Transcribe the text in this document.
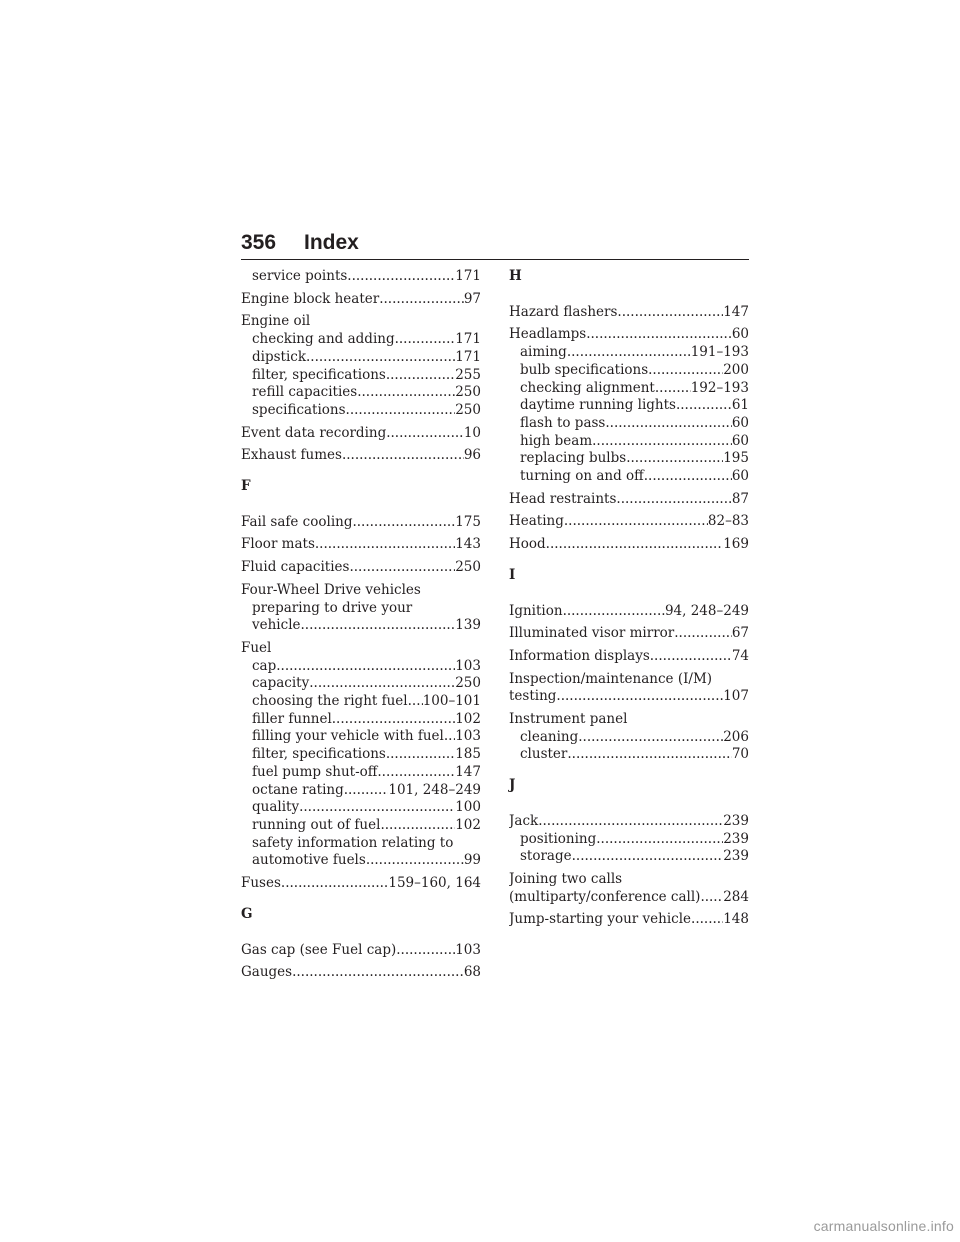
356 Index
service points .....	171
Engine block heater .....	97
Engine oil
checking and adding .....	171
dipstick .....	171
filter, specifications .....	255
refill capacities .....	250
specifications .....	250
Event data recording .....	10
Exhaust fumes .....	96
F
Fail safe cooling .....	175
Floor mats .....	143
Fluid capacities .....	250
Four-Wheel Drive vehicles
preparing to drive your
vehicle .....	139
Fuel
cap .....	103
capacity .....	250
choosing the right fuel ..... 100–101
filler funnel .....	102
filling your vehicle with fuel ..... 103
filter, specifications .....	185
fuel pump shut-off .....	147
octane rating .....	101, 248–249
quality .....	100
running out of fuel .....	102
safety information relating to
automotive fuels .....	99
Fuses .....	159–160, 164
G
Gas cap (see Fuel cap) .....	103
Gauges .....	68
H
Hazard flashers .....	147
Headlamps .....	60
aiming .....	191–193
bulb specifications .....	200
checking alignment .....	192–193
daytime running lights .....	61
flash to pass .....	60
high beam .....	60
replacing bulbs .....	195
turning on and off .....	60
Head restraints .....	87
Heating .....	82–83
Hood .....	169
I
Ignition .....	94, 248–249
Illuminated visor mirror .....	67
Information displays .....	74
Inspection/maintenance (I/M)
testing .....	107
Instrument panel
cleaning .....	206
cluster .....	70
J
Jack .....	239
positioning .....	239
storage .....	239
Joining two calls
(multiparty/conference call) ..... 284
Jump-starting your vehicle ..... 148
carmanualsonline.info
